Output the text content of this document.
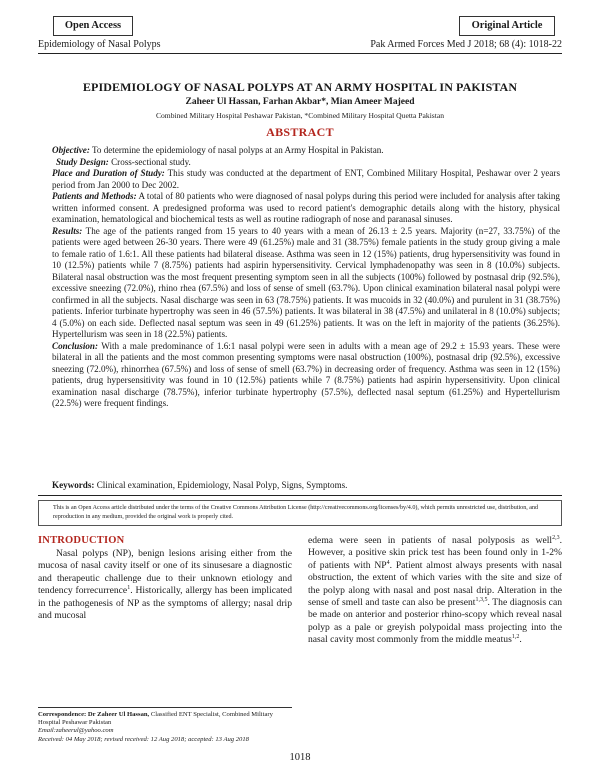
Open Access	Original Article
Epidemiology of Nasal Polyps	Pak Armed Forces Med J 2018; 68 (4): 1018-22
EPIDEMIOLOGY OF NASAL POLYPS AT AN ARMY HOSPITAL IN PAKISTAN
Zaheer Ul Hassan, Farhan Akbar*, Mian Ameer Majeed
Combined Military Hospital Peshawar Pakistan, *Combined Military Hospital Quetta Pakistan
ABSTRACT

Objective: To determine the epidemiology of nasal polyps at an Army Hospital in Pakistan.

Study Design: Cross-sectional study.

Place and Duration of Study: This study was conducted at the department of ENT, Combined Military Hospital, Peshawar over 2 years period from Jan 2000 to Dec 2002.

Patients and Methods: A total of 80 patients who were diagnosed of nasal polyps during this period were included for analysis after taking written informed consent. A predesigned proforma was used to record patient's demographic details along with the history, physical examination, hematological and biochemical tests as well as routine radiograph of nose and paranasal sinuses.

Results: The age of the patients ranged from 15 years to 40 years with a mean of 26.13 ± 2.5 years. Majority (n=27, 33.75%) of the patients were aged between 26-30 years. There were 49 (61.25%) male and 31 (38.75%) female patients in the study group giving a male to female ratio of 1.6:1. All these patients had bilateral disease. Asthma was seen in 12 (15%) patients, drug hypersensitivity was found in 10 (12.5%) patients while 7 (8.75%) patients had aspirin hypersensitivity. Cervical lymphadenopathy was seen in 8 (10.0%) subjects. Bilateral nasal obstruction was the most frequent presenting symptom seen in all the subjects (100%) followed by postnasal drip (92.5%), excessive sneezing (72.0%), rhino rhea (67.5%) and loss of sense of smell (63.7%). Upon clinical examination bilateral nasal polypi were confirmed in all the subjects. Nasal discharge was seen in 63 (78.75%) patients. It was mucoids in 32 (40.0%) and purulent in 31 (38.75%) patients. Inferior turbinate hypertrophy was seen in 46 (57.5%) patients. It was bilateral in 38 (47.5%) and unilateral in 8 (10.0%) subjects; 4 (5.0%) on each side. Deflected nasal septum was seen in 49 (61.25%) patients. It was on the left in majority of the patients (36.25%). Hypertellurism was seen in 18 (22.5%) patients.

Conclusion: With a male predominance of 1.6:1 nasal polypi were seen in adults with a mean age of 29.2 ± 15.93 years. These were bilateral in all the patients and the most common presenting symptoms were nasal obstruction (100%), postnasal drip (92.5%), excessive sneezing (72.0%), rhinorrhea (67.5%) and loss of sense of smell (63.7%) in decreasing order of frequency. Asthma was seen in 12 (15%) patients, drug hypersensitivity was found in 10 (12.5%) patients while 7 (8.75%) patients had aspirin hypersensitivity. Upon clinical examination nasal discharge (78.75%), inferior turbinate hypertrophy (57.5%), deflected nasal septum (61.25%) and Hypertellurism (22.5%) were frequent findings.

Keywords: Clinical examination, Epidemiology, Nasal Polyp, Signs, Symptoms.
This is an Open Access article distributed under the terms of the Creative Commons Attribution License (http://creativecommons.org/licenses/by/4.0), which permits unrestricted use, distribution, and reproduction in any medium, provided the original work is properly cited.
INTRODUCTION
Nasal polyps (NP), benign lesions arising either from the mucosa of nasal cavity itself or one of its sinusesare a diagnostic and therapeutic challenge due to their unknown etiology and tendency forrecurrence$^1$. Historically, allergy has been implicated in the pathogenesis of NP as the symptoms of allergy; nasal drip and mucosal
edema were seen in patients of nasal polyposis as well$^{2,3}$. However, a positive skin prick test has been found only in 1-2% of patients with $NP^4$. Patient almost always presents with nasal obstruction, the extent of which varies with the site and size of the polyp along with nasal and post nasal drip. Alteration in the sense of smell and taste can also be present$^{1,3,5}$. The diagnosis can be made on anterior and posterior rhino-scopy which reveal nasal polyp as a pale or greyish polypoidal mass projecting into the nasal cavity most commonly from the middle meatus$^{1,2}$.
Correspondence: Dr Zaheer Ul Hassan, Classified ENT Specialist, Combined Military Hospital Peshawar Pakistan
Email:zaheerul@yahoo.com
Received: 04 May 2018; revised received: 12 Aug 2018; accepted: 13 Aug 2018
1018
